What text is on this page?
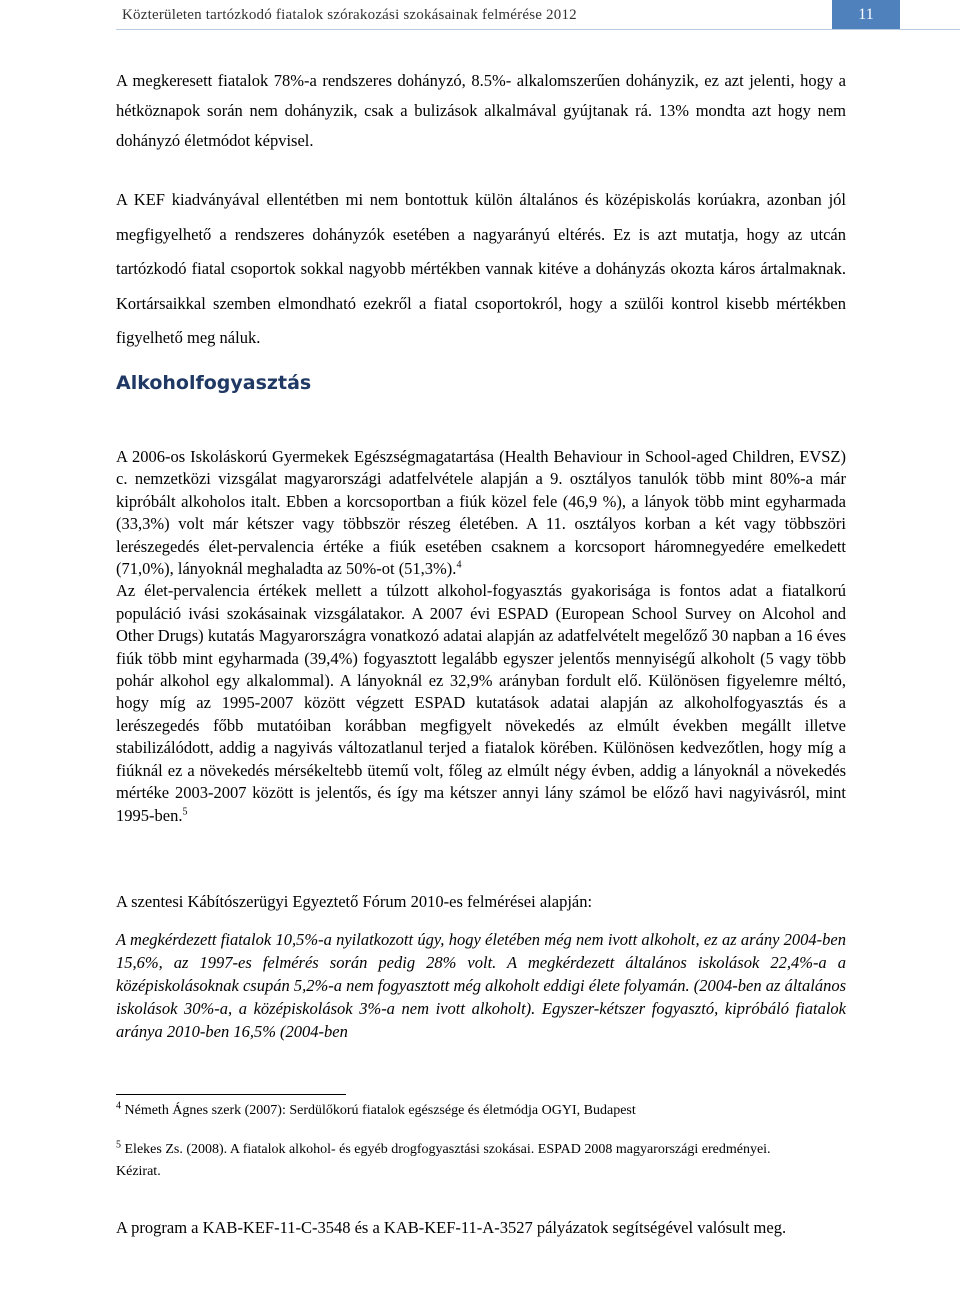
Közterületen tartózkodó fiatalok szórakozási szokásainak felmérése 2012	11

A megkeresett fiatalok 78%-a rendszeres dohányzó, 8.5%- alkalomszerűen dohányzik, ez azt jelenti, hogy a hétköznapok során nem dohányzik, csak a bulizások alkalmával gyújtanak rá. 13% mondta azt hogy nem dohányzó életmódot képvisel.

A KEF kiadványával ellentétben mi nem bontottuk külön általános és középiskolás korúakra, azonban jól megfigyelhető a rendszeres dohányzók esetében a nagyarányú eltérés. Ez is azt mutatja, hogy az utcán tartózkodó fiatal csoportok sokkal nagyobb mértékben vannak kitéve a dohányzás okozta káros ártalmaknak. Kortársaikkal szemben elmondható ezekről a fiatal csoportokról, hogy a szülői kontrol kisebb mértékben figyelhető meg náluk.

Alkoholfogyasztás
A 2006-os Iskoláskorú Gyermekek Egészségmagatartása (Health Behaviour in School-aged Children, EVSZ) c. nemzetközi vizsgálat magyarországi adatfelvétele alapján a 9. osztályos tanulók több mint 80%-a már kipróbált alkoholos italt. Ebben a korcsoportban a fiúk közel fele (46,9 %), a lányok több mint egyharmada (33,3%) volt már kétszer vagy többször részeg életében. A 11. osztályos korban a két vagy többszöri lerészegedés élet-pervalencia értéke a fiúk esetében csaknem a korcsoport háromnegyedére emelkedett (71,0%), lányoknál meghaladta az 50%-ot (51,3%).$^4$
Az élet-pervalencia értékek mellett a túlzott alkohol-fogyasztás gyakorisága is fontos adat a fiatalkorú populáció ivási szokásainak vizsgálatakor. A 2007 évi ESPAD (European School Survey on Alcohol and Other Drugs) kutatás Magyarországra vonatkozó adatai alapján az adatfelvételt megelőző 30 napban a 16 éves fiúk több mint egyharmada (39,4%) fogyasztott legalább egyszer jelentős mennyiségű alkoholt (5 vagy több pohár alkohol egy alkalommal). A lányoknál ez 32,9% arányban fordult elő. Különösen figyelemre méltó, hogy míg az 1995-2007 között végzett ESPAD kutatások adatai alapján az alkoholfogyasztás és a lerészegedés főbb mutatóiban korábban megfigyelt növekedés az elmúlt években megállt illetve stabilizálódott, addig a nagyivás változatlanul terjed a fiatalok körében. Különösen kedvezőtlen, hogy míg a fiúknál ez a növekedés mérsékeltebb ütemű volt, főleg az elmúlt négy évben, addig a lányoknál a növekedés mértéke 2003-2007 között is jelentős, és így ma kétszer annyi lány számol be előző havi nagyivásról, mint 1995-ben.$^5$

A szentesi Kábítószerügyi Egyeztető Fórum 2010-es felmérései alapján:

A megkérdezett fiatalok 10,5%-a nyilatkozott úgy, hogy életében még nem ivott alkoholt, ez az arány 2004-ben 15,6%, az 1997-es felmérés során pedig 28% volt. A megkérdezett általános iskolások 22,4%-a a középiskolásoknak csupán 5,2%-a nem fogyasztott még alkoholt eddigi élete folyamán. (2004-ben az általános iskolások 30%-a, a középiskolások 3%-a nem ivott alkoholt). Egyszer-kétszer fogyasztó, kipróbáló fiatalok aránya 2010-ben 16,5% (2004-ben

$^4$ Németh Ágnes szerk (2007): Serdülőkorú fiatalok egészsége és életmódja OGYI, Budapest

$^5$ Elekes Zs. (2008). A fiatalok alkohol- és egyéb drogfogyasztási szokásai. ESPAD 2008 magyarországi eredményei. Kézirat.

A program a KAB-KEF-11-C-3548 és a KAB-KEF-11-A-3527 pályázatok segítségével valósult meg.
